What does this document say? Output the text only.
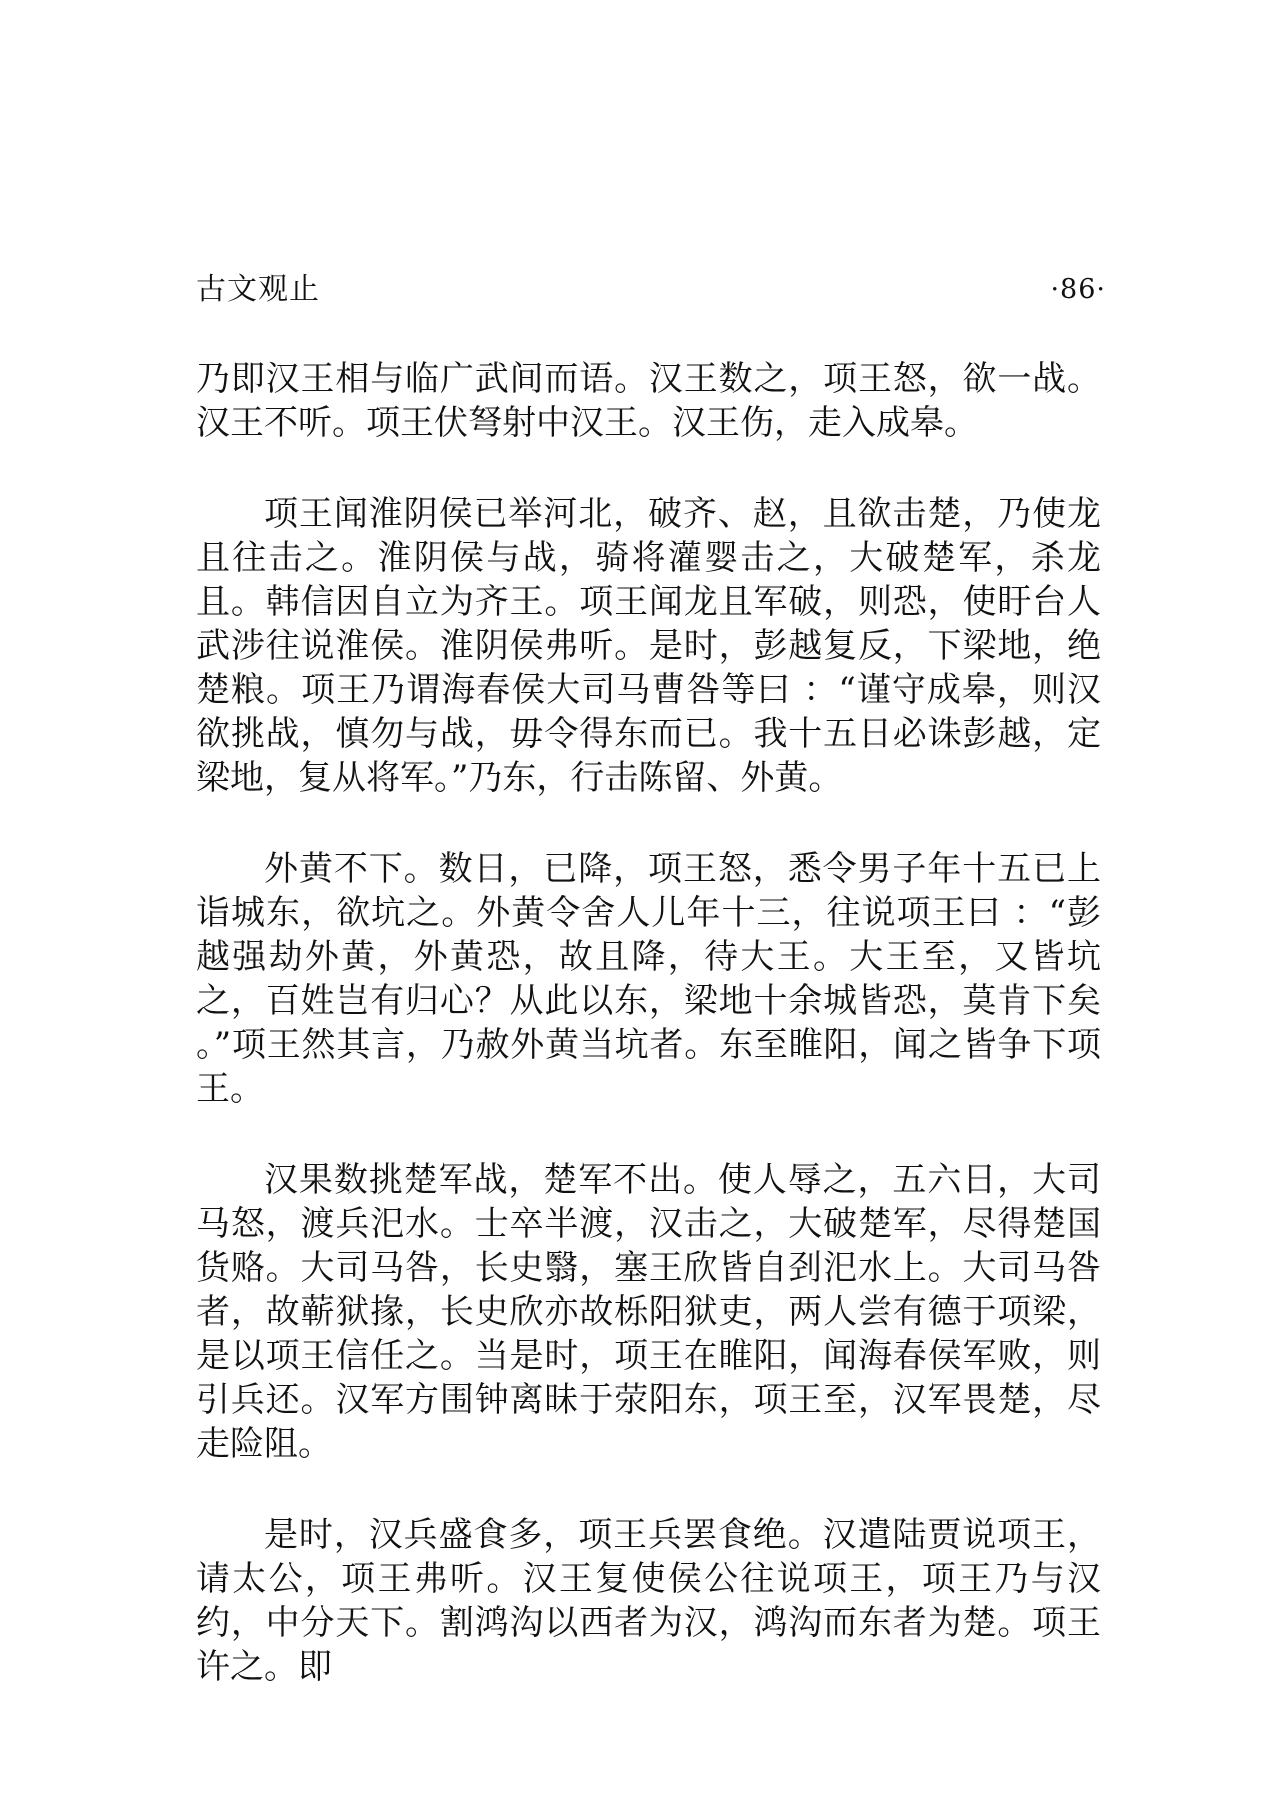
古文观止	·86·

乃即汉王相与临广武间而语。汉王数之，项王怒，欲一战。汉王不听。项王伏弩射中汉王。汉王伤，走入成皋。

项王闻淮阴侯已举河北，破齐、赵，且欲击楚，乃使龙且往击之。淮阴侯与战，骑将灌婴击之，大破楚军，杀龙且。韩信因自立为齐王。项王闻龙且军破，则恐，使盱台人武涉往说淮侯。淮阴侯弗听。是时，彭越复反，下梁地，绝楚粮。项王乃谓海春侯大司马曹咎等曰 ：“谨守成皋，则汉欲挑战，慎勿与战，毋令得东而已。我十五日必诛彭越，定梁地，复从将军。”乃东，行击陈留、外黄。

外黄不下。数日，已降，项王怒，悉令男子年十五已上诣城东，欲坑之。外黄令舍人儿年十三，往说项王曰 ：“彭越强劫外黄，外黄恐，故且降，待大王。大王至，又皆坑之，百姓岂有归心？从此以东，梁地十余城皆恐，莫肯下矣 。”项王然其言，乃赦外黄当坑者。东至睢阳，闻之皆争下项王。

汉果数挑楚军战，楚军不出。使人辱之，五六日，大司马怒，渡兵汜水。士卒半渡，汉击之，大破楚军，尽得楚国货赂。大司马咎，长史翳，塞王欣皆自刭汜水上。大司马咎者，故蕲狱掾，长史欣亦故栎阳狱吏，两人尝有德于项梁，是以项王信任之。当是时，项王在睢阳，闻海春侯军败，则引兵还。汉军方围钟离昧于荥阳东，项王至，汉军畏楚，尽走险阻。

是时，汉兵盛食多，项王兵罢食绝。汉遣陆贾说项王，请太公，项王弗听。汉王复使侯公往说项王，项王乃与汉约，中分天下。割鸿沟以西者为汉，鸿沟而东者为楚。项王许之。即
